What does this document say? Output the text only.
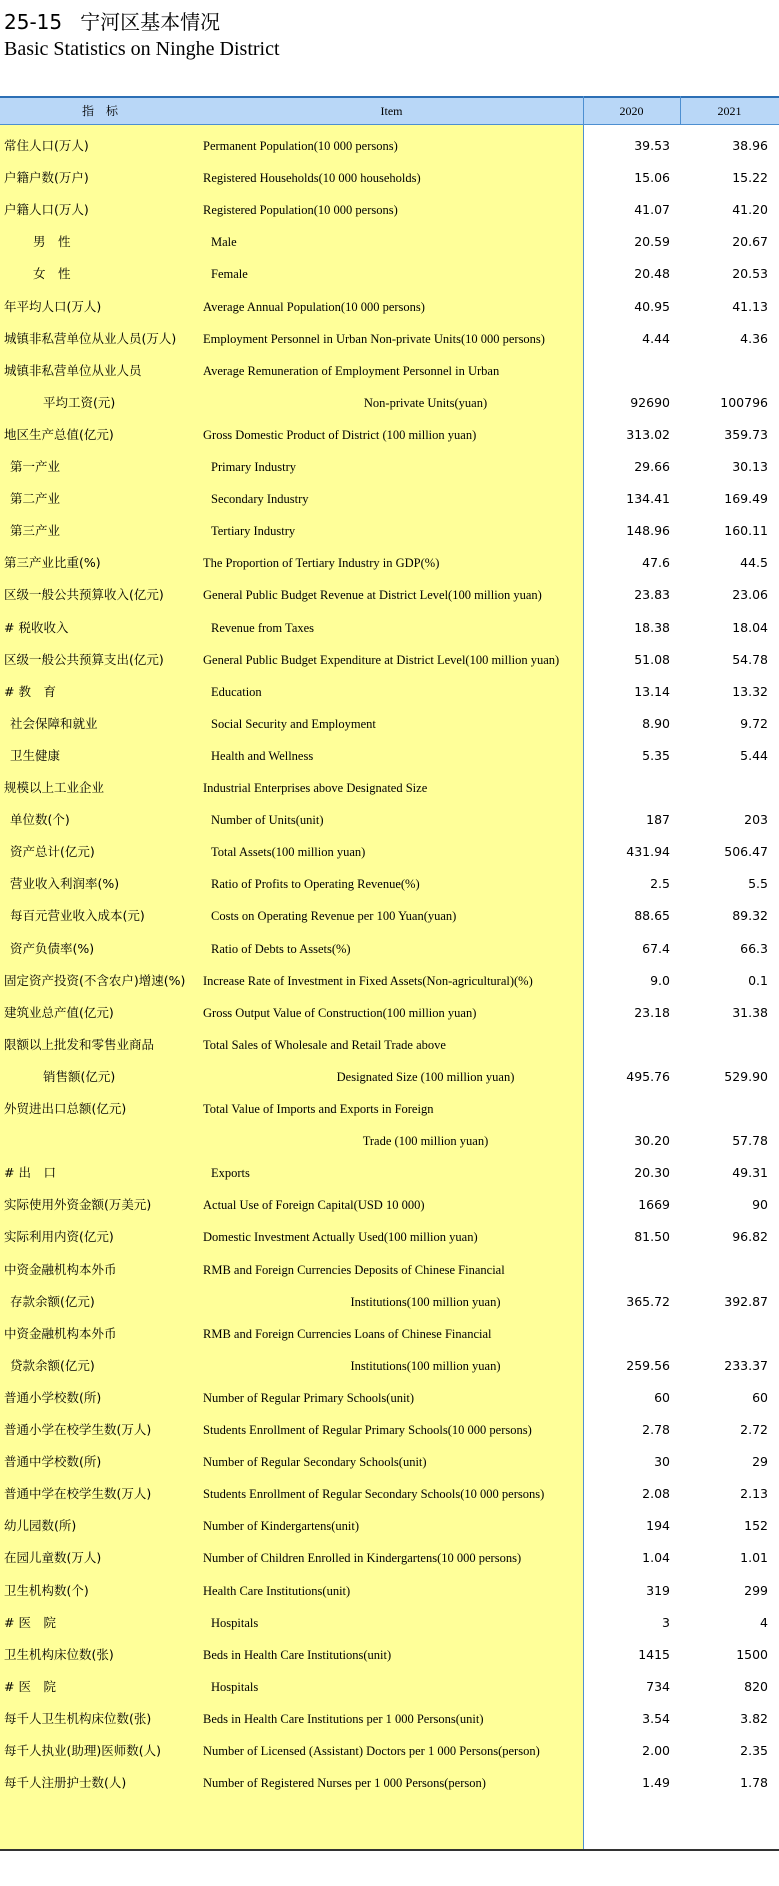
25-15 宁河区基本情况
Basic Statistics on Ninghe District
指　标	Item	2020	2021
常住人口(万人)	Permanent Population(10 000 persons)	39.53	38.96
户籍户数(万户)	Registered Households(10 000 households)	15.06	15.22
户籍人口(万人)	Registered Population(10 000 persons)	41.07	41.20
男　性	Male	20.59	20.67
女　性	Female	20.48	20.53
年平均人口(万人)	Average Annual Population(10 000 persons)	40.95	41.13
城镇非私营单位从业人员(万人) Employment Personnel in Urban Non-private Units(10 000 persons)	4.44	4.36
城镇非私营单位从业人员	Average Remuneration of Employment Personnel in Urban
平均工资(元)	Non-private Units(yuan)	92690	100796
地区生产总值(亿元)	Gross Domestic Product of District (100 million yuan)	313.02	359.73
第一产业	Primary Industry	29.66	30.13
第二产业	Secondary Industry	134.41	169.49
第三产业	Tertiary Industry	148.96	160.11
第三产业比重(%)	The Proportion of Tertiary Industry in GDP(%)	47.6	44.5
区级一般公共预算收入(亿元)	General Public Budget Revenue at District Level(100 million yuan)	23.83	23.06
# 税收收入	Revenue from Taxes	18.38	18.04
区级一般公共预算支出(亿元)	General Public Budget Expenditure at District Level(100 million yuan)	51.08	54.78
# 教　育	Education	13.14	13.32
社会保障和就业	Social Security and Employment	8.90	9.72
卫生健康	Health and Wellness	5.35	5.44
规模以上工业企业	Industrial Enterprises above Designated Size
单位数(个)	Number of Units(unit)	187	203
资产总计(亿元)	Total Assets(100 million yuan)	431.94	506.47
营业收入利润率(%)	Ratio of Profits to Operating Revenue(%)	2.5	5.5
每百元营业收入成本(元)	Costs on Operating Revenue per 100 Yuan(yuan)	88.65	89.32
资产负债率(%)	Ratio of Debts to Assets(%)	67.4	66.3
固定资产投资(不含农户)增速(%) Increase Rate of Investment in Fixed Assets(Non-agricultural)(%)	9.0	0.1
建筑业总产值(亿元)	Gross Output Value of Construction(100 million yuan)	23.18	31.38
限额以上批发和零售业商品	Total Sales of Wholesale and Retail Trade above
销售额(亿元)	Designated Size (100 million yuan)	495.76	529.90
外贸进出口总额(亿元)	Total Value of Imports and Exports in Foreign
Trade (100 million yuan)	30.20	57.78
# 出　口	Exports	20.30	49.31
实际使用外资金额(万美元)	Actual Use of Foreign Capital(USD 10 000)	1669	90
实际利用内资(亿元)	Domestic Investment Actually Used(100 million yuan)	81.50	96.82
中资金融机构本外币	RMB and Foreign Currencies Deposits of Chinese Financial
存款余额(亿元)	Institutions(100 million yuan)	365.72	392.87
中资金融机构本外币	RMB and Foreign Currencies Loans of Chinese Financial
贷款余额(亿元)	Institutions(100 million yuan)	259.56	233.37
普通小学校数(所)	Number of Regular Primary Schools(unit)	60	60
普通小学在校学生数(万人)	Students Enrollment of Regular Primary Schools(10 000 persons)	2.78	2.72
普通中学校数(所)	Number of Regular Secondary Schools(unit)	30	29
普通中学在校学生数(万人)	Students Enrollment of Regular Secondary Schools(10 000 persons)	2.08	2.13
幼儿园数(所)	Number of Kindergartens(unit)	194	152
在园儿童数(万人)	Number of Children Enrolled in Kindergartens(10 000 persons)	1.04	1.01
卫生机构数(个)	Health Care Institutions(unit)	319	299
# 医　院	Hospitals	3	4
卫生机构床位数(张)	Beds in Health Care Institutions(unit)	1415	1500
# 医　院	Hospitals	734	820
每千人卫生机构床位数(张)	Beds in Health Care Institutions per 1 000 Persons(unit)	3.54	3.82
每千人执业(助理)医师数(人)	Number of Licensed (Assistant) Doctors per 1 000 Persons(person)	2.00	2.35
每千人注册护士数(人)	Number of Registered Nurses per 1 000 Persons(person)	1.49	1.78
